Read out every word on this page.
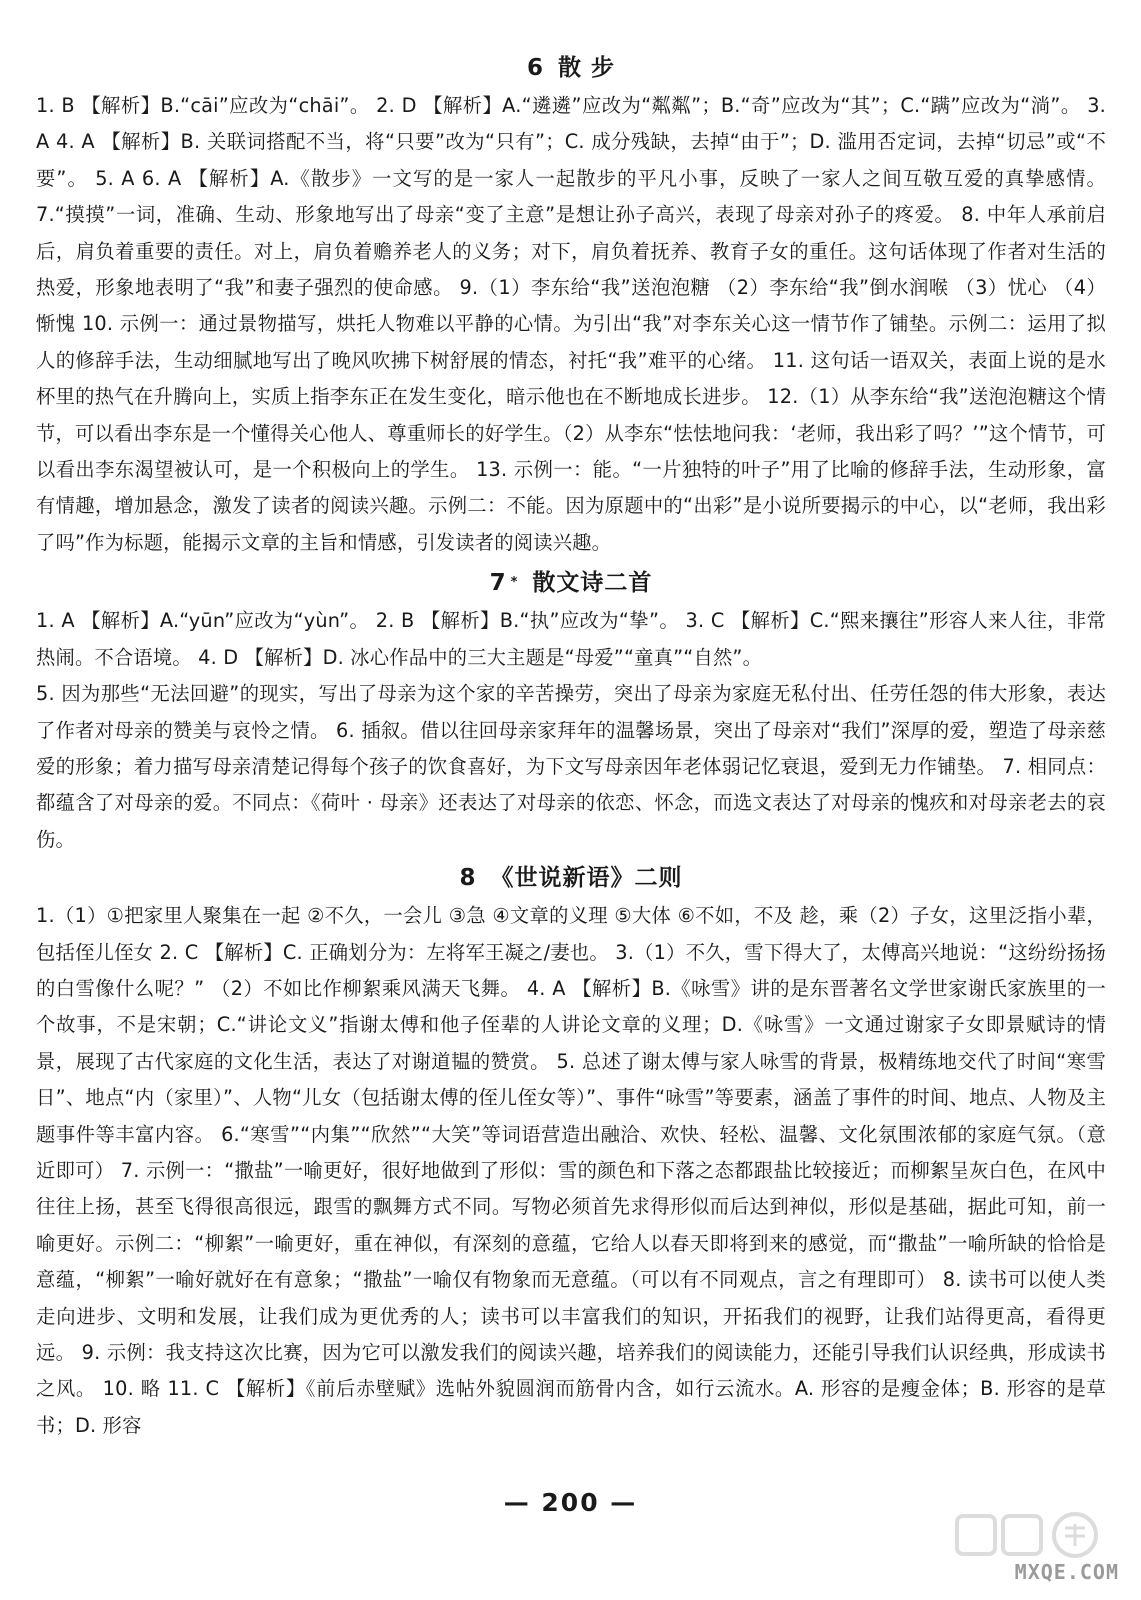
6 散 步
1. B 【解析】B.“cāi”应改为“chāi”。 2. D 【解析】A.“遴遴”应改为“粼粼”；B.“奇”应改为“其”；C.“蹒”应改为“淌”。 3. A 4. A 【解析】B. 关联词搭配不当，将“只要”改为“只有”；C. 成分残缺，去掉“由于”；D. 滥用否定词，去掉“切忌”或“不要”。 5. A 6. A 【解析】A.《散步》一文写的是一家人一起散步的平凡小事，反映了一家人之间互敬互爱的真挚感情。 7.“摸摸”一词，准确、生动、形象地写出了母亲“变了主意”是想让孙子高兴，表现了母亲对孙子的疼爱。 8. 中年人承前启后，肩负着重要的责任。对上，肩负着赡养老人的义务；对下，肩负着抚养、教育子女的重任。这句话体现了作者对生活的热爱，形象地表明了“我”和妻子强烈的使命感。 9.（1）李东给“我”送泡泡糖 （2）李东给“我”倒水润喉 （3）忧心 （4）惭愧 10. 示例一：通过景物描写，烘托人物难以平静的心情。为引出“我”对李东关心这一情节作了铺垫。示例二：运用了拟人的修辞手法，生动细腻地写出了晚风吹拂下树舒展的情态，衬托“我”难平的心绪。 11. 这句话一语双关，表面上说的是水杯里的热气在升腾向上，实质上指李东正在发生变化，暗示他也在不断地成长进步。 12.（1）从李东给“我”送泡泡糖这个情节，可以看出李东是一个懂得关心他人、尊重师长的好学生。（2）从李东“怯怯地问我：‘老师，我出彩了吗？’”这个情节，可以看出李东渴望被认可，是一个积极向上的学生。 13. 示例一：能。“一片独特的叶子”用了比喻的修辞手法，生动形象，富有情趣，增加悬念，激发了读者的阅读兴趣。示例二：不能。因为原题中的“出彩”是小说所要揭示的中心，以“老师，我出彩了吗”作为标题，能揭示文章的主旨和情感，引发读者的阅读兴趣。
7 * 散文诗二首
1. A 【解析】A.“yūn”应改为“yùn”。 2. B 【解析】B.“执”应改为“挚”。 3. C 【解析】C.“熙来攘往”形容人来人往，非常热闹。不合语境。 4. D 【解析】D. 冰心作品中的三大主题是“母爱”“童真”“自然”。
5. 因为那些“无法回避”的现实，写出了母亲为这个家的辛苦操劳，突出了母亲为家庭无私付出、任劳任怨的伟大形象，表达了作者对母亲的赞美与哀怜之情。 6. 插叙。借以往回母亲家拜年的温馨场景，突出了母亲对“我们”深厚的爱，塑造了母亲慈爱的形象；着力描写母亲清楚记得每个孩子的饮食喜好，为下文写母亲因年老体弱记忆衰退，爱到无力作铺垫。 7. 相同点：都蕴含了对母亲的爱。不同点：《荷叶 · 母亲》还表达了对母亲的依恋、怀念，而选文表达了对母亲的愧疚和对母亲老去的哀伤。
8 《世说新语》二则
1.（1）①把家里人聚集在一起 ②不久，一会儿 ③急 ④文章的义理 ⑤大体 ⑥不如，不及 趁，乘（2）子女，这里泛指小辈，包括侄儿侄女 2. C 【解析】C. 正确划分为：左将军王凝之/妻也。 3.（1）不久，雪下得大了，太傅高兴地说：“这纷纷扬扬的白雪像什么呢？” （2）不如比作柳絮乘风满天飞舞。 4. A 【解析】B.《咏雪》讲的是东晋著名文学世家谢氏家族里的一个故事，不是宋朝；C.“讲论文义”指谢太傅和他子侄辈的人讲论文章的义理；D.《咏雪》一文通过谢家子女即景赋诗的情景，展现了古代家庭的文化生活，表达了对谢道韫的赞赏。 5. 总述了谢太傅与家人咏雪的背景，极精练地交代了时间“寒雪日”、地点“内（家里）”、人物“儿女（包括谢太傅的侄儿侄女等）”、事件“咏雪”等要素，涵盖了事件的时间、地点、人物及主题事件等丰富内容。 6.“寒雪”“内集”“欣然”“大笑”等词语营造出融洽、欢快、轻松、温馨、文化氛围浓郁的家庭气氛。（意近即可） 7. 示例一：“撒盐”一喻更好，很好地做到了形似：雪的颜色和下落之态都跟盐比较接近；而柳絮呈灰白色，在风中往往上扬，甚至飞得很高很远，跟雪的飘舞方式不同。写物必须首先求得形似而后达到神似，形似是基础，据此可知，前一喻更好。示例二：“柳絮”一喻更好，重在神似，有深刻的意蕴，它给人以春天即将到来的感觉，而“撒盐”一喻所缺的恰恰是意蕴，“柳絮”一喻好就好在有意象；“撒盐”一喻仅有物象而无意蕴。（可以有不同观点，言之有理即可） 8. 读书可以使人类走向进步、文明和发展，让我们成为更优秀的人；读书可以丰富我们的知识，开拓我们的视野，让我们站得更高，看得更远。 9. 示例：我支持这次比赛，因为它可以激发我们的阅读兴趣，培养我们的阅读能力，还能引导我们认识经典，形成读书之风。 10. 略 11. C 【解析】《前后赤壁赋》选帖外貌圆润而筋骨内含，如行云流水。A. 形容的是瘦金体；B. 形容的是草书；D. 形容
— 200 —
MXQE.COM
